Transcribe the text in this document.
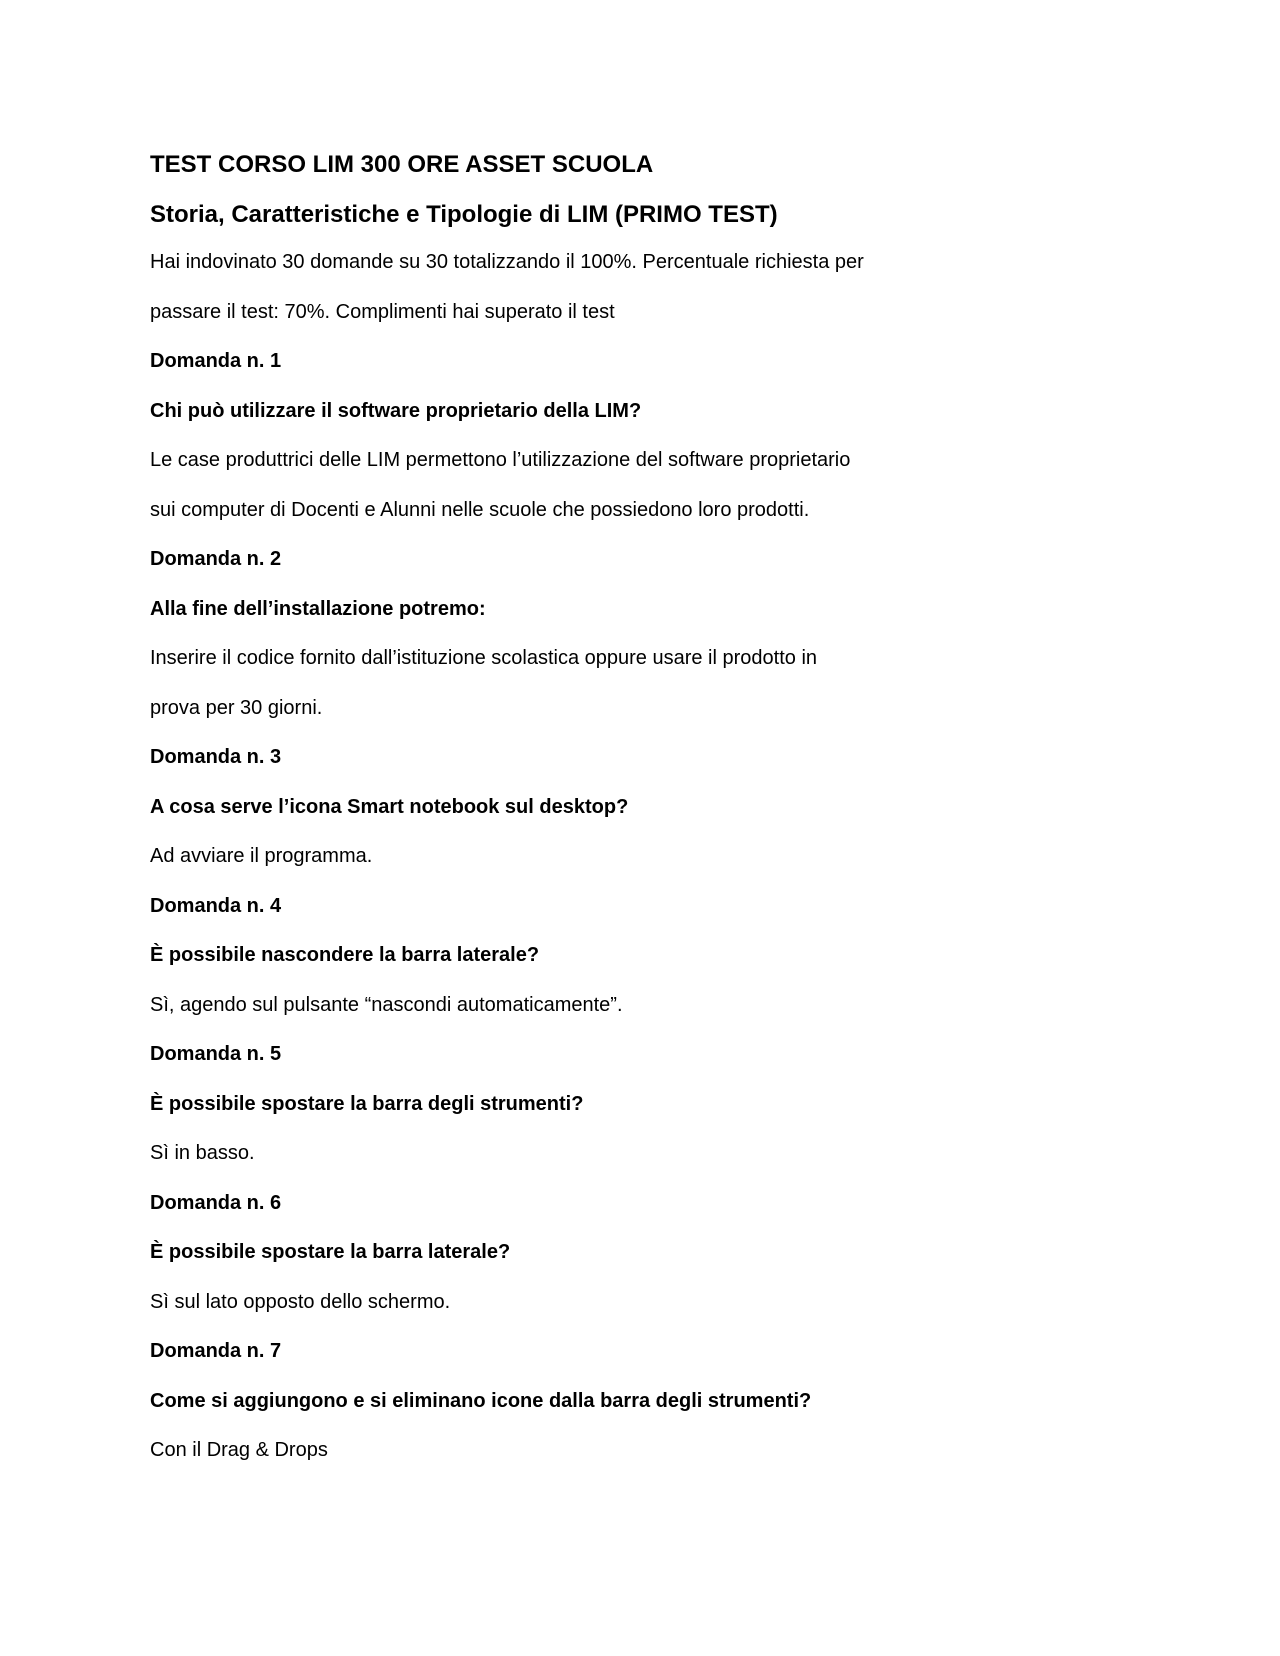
TEST CORSO LIM 300 ORE ASSET SCUOLA

Storia, Caratteristiche e Tipologie di LIM (PRIMO TEST)

Hai indovinato 30 domande su 30 totalizzando il 100%. Percentuale richiesta per

passare il test: 70%. Complimenti hai superato il test

Domanda n. 1

Chi può utilizzare il software proprietario della LIM?

Le case produttrici delle LIM permettono l’utilizzazione del software proprietario

sui computer di Docenti e Alunni nelle scuole che possiedono loro prodotti.

Domanda n. 2

Alla fine dell’installazione potremo:

Inserire il codice fornito dall’istituzione scolastica oppure usare il prodotto in

prova per 30 giorni.

Domanda n. 3

A cosa serve l’icona Smart notebook sul desktop?

Ad avviare il programma.

Domanda n. 4

È possibile nascondere la barra laterale?

Sì, agendo sul pulsante “nascondi automaticamente”.

Domanda n. 5

È possibile spostare la barra degli strumenti?

Sì in basso.

Domanda n. 6

È possibile spostare la barra laterale?

Sì sul lato opposto dello schermo.

Domanda n. 7

Come si aggiungono e si eliminano icone dalla barra degli strumenti?

Con il Drag & Drops
